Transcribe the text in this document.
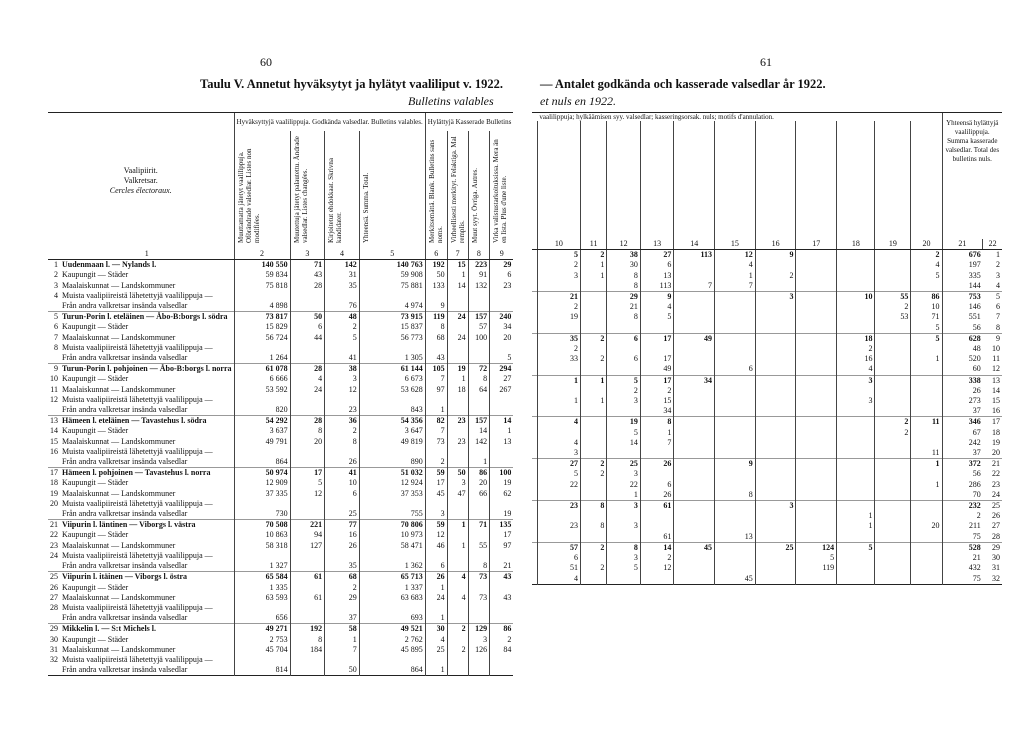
60
Taulu V. Annetut hyväksytyt ja hylätyt vaaliliput v. 1922.
Bulletins valables
Vaalipiirit.
Valkretsar.
Cercles électoraux.		Hyväksyttyjä vaalilippuja. Godkända valsedlar. Bulletins valables.				Hylättyjä Kasserade Bulletins			

		Muuttamatta jätetyt vaalilippuja. Oförändrade valsedlar. Listes non modifiées.	Muutettuja jätetyt palautettu. Ändrade valsedlar. Listes changées.	Kirjoitetut ehdokkaat. Skrivna kandidater.	Yhteensä. Summa. Total.	Merkitsemättä. Blank. Bulletins sans noms.	Virheellisesti merkityt. Felaktiga. Mal remplis.	Muut syyt. Övriga. Autres.	Virka valistustarkoituksissa. Mera än en lista. Plus d'une liste.

	1	2	3	4	5	6	7	8	9
1	Uudenmaan l. — Nylands l.	140 550	71	142	140 763	192	15	223	29
2	Kaupungit — Städer	59 834	43	31	59 908	50	1	91	6
3	Maalaiskunnat — Landskommuner	75 818	28	35	75 881	133	14	132	23
4	Muista vaalipiireistä lähetettyjä vaalilippuja —								
	Från andra valkretsar insända valsedlar	4 898		76	4 974	9			
5	Turun-Porin l. eteläinen — Åbo-B:borgs l. södra	73 817	50	48	73 915	119	24	157	240
6	Kaupungit — Städer	15 829	6	2	15 837	8		57	34
7	Maalaiskunnat — Landskommuner	56 724	44	5	56 773	68	24	100	20
8	Muista vaalipiireistä lähetettyjä vaalilippuja —								
	Från andra valkretsar insända valsedlar	1 264		41	1 305	43			5
9	Turun-Porin l. pohjoinen — Åbo-B:borgs l. norra	61 078	28	38	61 144	105	19	72	294
10	Kaupungit — Städer	6 666	4	3	6 673	7	1	8	27
11	Maalaiskunnat — Landskommuner	53 592	24	12	53 628	97	18	64	267
12	Muista vaalipiireistä lähetettyjä vaalilippuja —								
	Från andra valkretsar insända valsedlar	820		23	843	1			
13	Hämeen l. eteläinen — Tavastehus l. södra	54 292	28	36	54 356	82	23	157	14
14	Kaupungit — Städer	3 637	8	2	3 647	7		14	1
15	Maalaiskunnat — Landskommuner	49 791	20	8	49 819	73	23	142	13
16	Muista vaalipiireistä lähetettyjä vaalilippuja —								
	Från andra valkretsar insända valsedlar	864		26	890	2		1	
17	Hämeen l. pohjoinen — Tavastehus l. norra	50 974	17	41	51 032	59	50	86	100
18	Kaupungit — Städer	12 909	5	10	12 924	17	3	20	19
19	Maalaiskunnat — Landskommuner	37 335	12	6	37 353	45	47	66	62
20	Muista vaalipiireistä lähetettyjä vaalilippuja —								
	Från andra valkretsar insända valsedlar	730		25	755	3			19
21	Viipurin l. läntinen — Viborgs l. västra	70 508	221	77	70 806	59	1	71	135
22	Kaupungit — Städer	10 863	94	16	10 973	12			17
23	Maalaiskunnat — Landskommuner	58 318	127	26	58 471	46	1	55	97
24	Muista vaalipiireistä lähetettyjä vaalilippuja —								
	Från andra valkretsar insända valsedlar	1 327		35	1 362	6		8	21
25	Viipurin l. itäinen — Viborgs l. östra	65 584	61	68	65 713	26	4	73	43
26	Kaupungit — Städer	1 335		2	1 337	1			
27	Maalaiskunnat — Landskommuner	63 593	61	29	63 683	24	4	73	43
28	Muista vaalipiireistä lähetettyjä vaalilippuja —								
	Från andra valkretsar insända valsedlar	656		37	693	1			
29	Mikkelin l. — S:t Michels l.	49 271	192	58	49 521	30	2	129	86
30	Kaupungit — Städer	2 753	8	1	2 762	4		3	2
31	Maalaiskunnat — Landskommuner	45 704	184	7	45 895	25	2	126	84
32	Muista vaalipiireistä lähetettyjä vaalilippuja —								
	Från andra valkretsar insända valsedlar	814		50	864	1			
61
— Antalet godkända och kasserade valsedlar år 1922.
et nuls en 1922.
	vaalilippuja; hylkäämisen syy. valsedlar; kasseringsorsak. nuls; motifs d'annulation.											Yhteensä hylättyjä vaalilippuja. Summa kasserade valsedlar. Total des bulletins nuls.	

	10	11	12	13	14	15	16	17	18	19	20	21	22
	5	2	38	27	113	12	9				2	676	1
	2	1	30	6		4					4	197	2
	3	1	8	13		1	2				5	335	3

			8	113	7	7						144	4
	21		29	9			3		10	55	86	753	5
	2		21	4						2	10	146	6
	19		8	5						53	71	551	7

											5	56	8
	35	2	6	17	49				18		5	628	9
	2								2			48	10
	33	2	6	17					16		1	520	11

				49		6			4			60	12
	1	1	5	17	34				3			338	13
			2	2								26	14
	1	1	3	15					3			273	15

				34								37	16
	4		19	8						2	11	346	17
			5	1						2		67	18
	4		14	7								242	19

	3										11	37	20
	27	2	25	26		9					1	372	21
	5	2	3									56	22
	22		22	6							1	286	23

			1	26		8						70	24
	23	8	3	61			3					232	25
									1			2	26
	23	8	3						1		20	211	27

				61		13						75	28
	57	2	8	14	45		25	124	5			528	29
	6		3	2				5				21	30
	51	2	5	12				119				432	31

	4					45						75	32
